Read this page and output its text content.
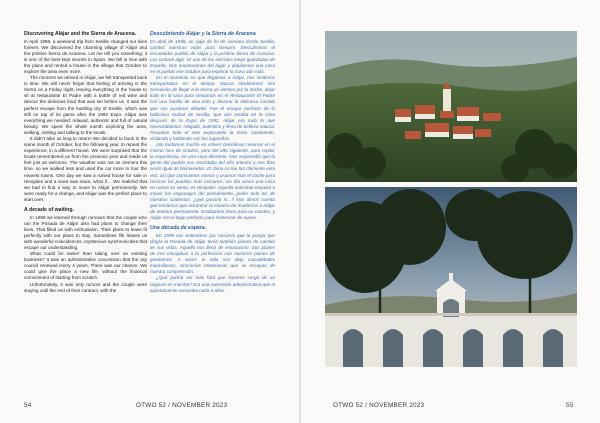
Discovering Alájar and the Sierra de Aracena.

In April 1998, a weekend trip from Seville changed our lives forever. We discovered the charming village of Alájar and the pristine Sierra de Aracena. Let me tell you something: it is one of the best kept secrets in Spain. We fell in love with the place and rented a house in the village that October to explore the area even more.

The moment we arrived in Alájar, we felt transported back in time. We will never forget that feeling of arriving in the Sierra on a Friday night, leaving everything in the house to sit at restaurante El Padre with a bottle of red wine and devour the delicious food that was set before us. It was the perfect escape from the bustling city of Seville, which was still on top of its game after the 1992 Expo. Alájar was everything we needed: relaxed, authentic and full of natural beauty. We spent the whole month exploring the area, walking, visiting and talking to the locals.

It didn’t take us long to return! We decided to book in the same month of October, but the following year, to repeat the experience, in a different house. We were surprised that the locals remembered us from the previous year and made us feel just as welcome. The weather was not as clement this time, so we walked less and used the car more to tour the nearest towns. One day we saw a ruined house for sale in Hinojales and a seed was sown, what if… We realized that we had to find a way to move to Alájar permanently. We were ready for a change, and Alájar was the perfect place to start over.

A decade of waiting.

In 1999 we learned through rumours that the couple who ran the Posada de Alájar also had plans to change their lives. That filled us with enthusiasm. Their plans to leave fit perfectly with our plans to stay. Sometimes life leaves us with wonderful coincidences, mysterious synchronicities that escape our understanding.

What could be easier than taking over an existing business? It was an administrative concession that the city council renewed every 4 years. There was our chance. We could give the place a new life, without the financial commitment of starting from scratch.

Unfortunately, it was only rumors and the couple were staying until the end of their contract, with the

Descubriendo Alájar y la Sierra de Aracena

En abril de 1998, un viaje de fin de semana desde Sevilla, cambió nuestras vidas para siempre. Descubrimos el encantador pueblo de Alájar y la prístina Sierra de Aracena. Les contaré algo: es uno de los secretos mejor guardados de España. Nos enamoramos del lugar y alquilamos una casa en el pueblo ese octubre para explorar la zona aún más.

En el momento en que llegamos a Alájar, nos sentimos transportados en el tiempo. Nunca olvidaremos esa sensación de llegar a la Sierra un viernes por la noche, dejar todo en la casa para sentarnos en el Restaurante El Padre con una botella de vino tinto y devorar la deliciosa comida que nos pusieron delante. Fue el escape perfecto de la bulliciosa ciudad de Sevilla, que aún estaba en la cima después de la Expo de 1992. Alájar era todo lo que necesitábamos: relajado, auténtico y lleno de belleza natural. Pasamos todo el mes explorando la zona, caminando, visitando y hablando con los lugareños.

¡No tardamos mucho en volver! Decidimos reservar en el mismo mes de octubre, pero del año siguiente, para repetir la experiencia, en una casa diferente. Nos sorprendió que la gente del pueblo nos recordaba del año anterior y nos hizo sentir igual de bienvenidos. El clima no fue tan clemente esta vez, así que caminamos menos y usamos más el coche para recorrer los pueblos más cercanos. Un día vimos una casa en ruinas en venta, en Hinojales. Aquella anécdota empezó a mover los engranajes del pensamiento, poder todo los de nuestros contentos: ¿qué pasaría si…? Nos dimos cuenta que teníamos que encontrar la manera de mudarnos a Alájar de manera permanente. Estábamos listos para un cambio, y Alájar era el lugar perfecto para comenzar de nuevo.

Una década de espera.

En 1999 nos enteramos por rumores que la pareja que dirigía la Posada de Alájar tenía también planes de cambio en sus vidas. Aquello nos llenó de entusiasmo. Sus planes de irse encajaban a la perfección con nuestros planes de quedarnos. A veces la vida nos deja casualidades maravillosas, sincronías misteriosas que se escapan de nuestra comprensión.

¿Qué podría ser más fácil que hacerse cargo de un negocio en marcha? Era una concesión administrativa que el ayuntamiento renovaba cada 4 años.

54	OTWO 52 / NOVEMBER 2023	OTWO 52 / NOVEMBER 2023	55
